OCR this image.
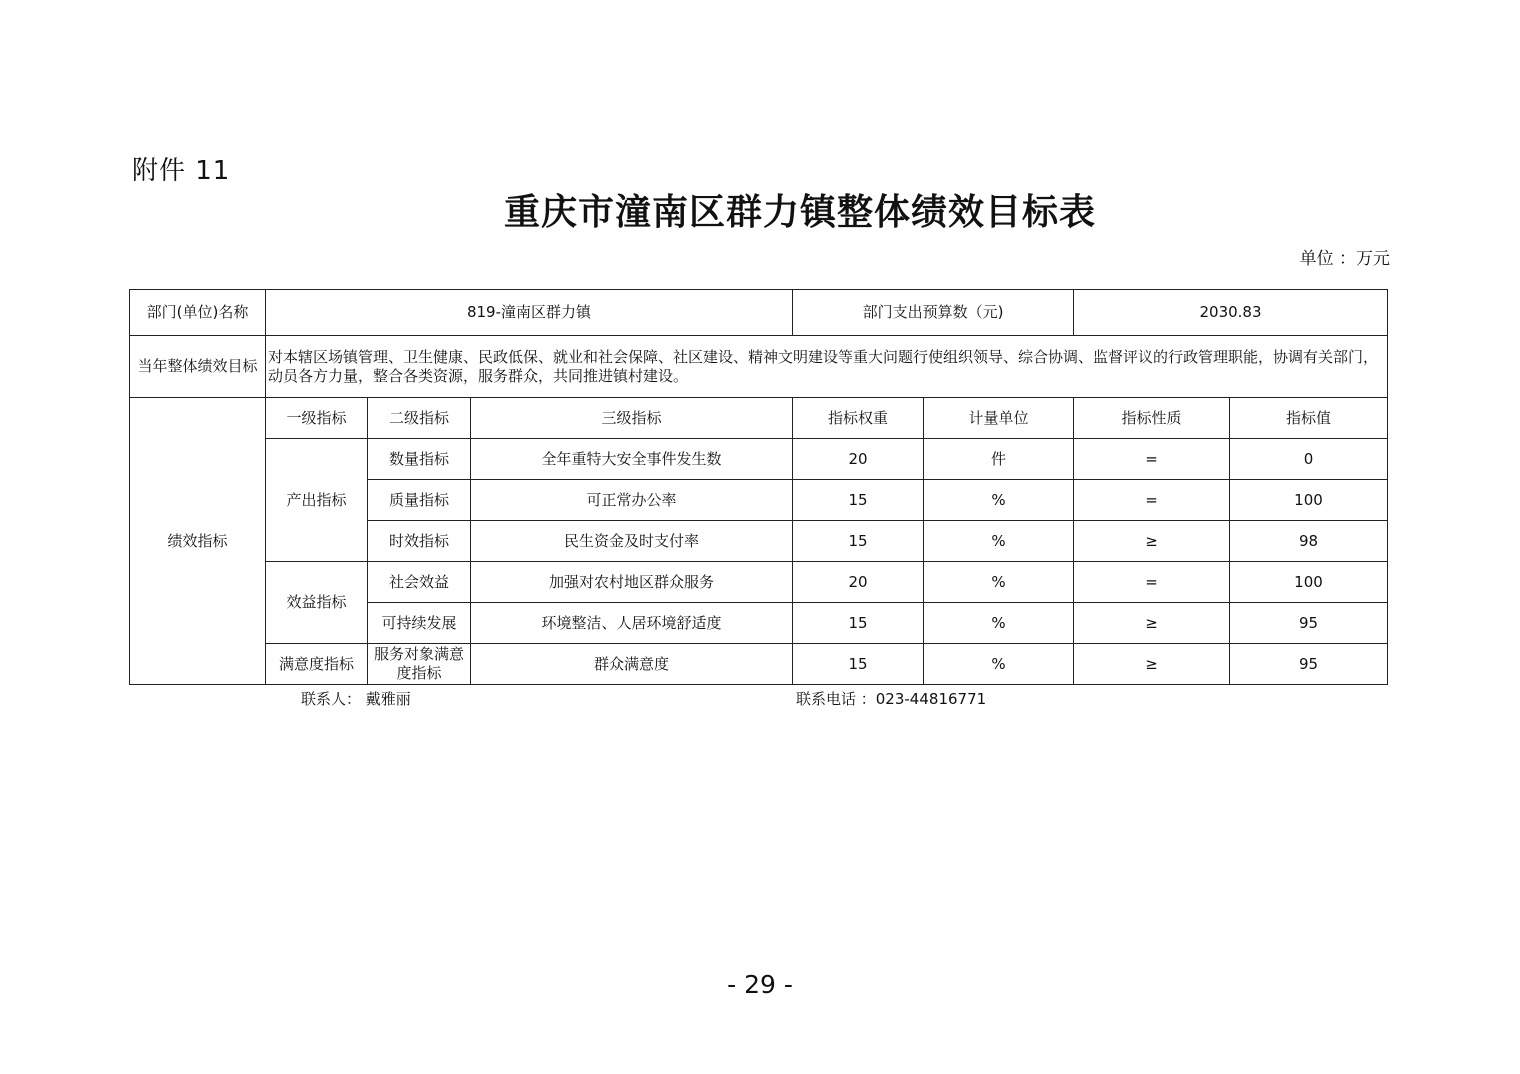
附件 11
重庆市潼南区群力镇整体绩效目标表
单位 ：万元
部门(单位)名称	819-潼南区群力镇			部门支出预算数（元)		2030.83	
当年整体绩效目标	对本辖区场镇管理、卫生健康、民政低保、就业和社会保障、社区建设、精神文明建设等重大问题行使组织领导、综合协调、监督评议的行政管理职能，协调有关部门，动员各方力量，整合各类资源，服务群众，共同推进镇村建设。						
绩效指标	一级指标	二级指标	三级指标	指标权重	计量单位	指标性质	指标值
	产出指标	数量指标	全年重特大安全事件发生数	20	件	=	0
		质量指标	可正常办公率	15	%	=	100
		时效指标	民生资金及时支付率	15	%	≥	98
	效益指标	社会效益	加强对农村地区群众服务	20	%	=	100
		可持续发展	环境整洁、人居环境舒适度	15	%	≥	95
	满意度指标	服务对象满意度指标	群众满意度	15	%	≥	95
联系人： 戴雅丽	联系电话 ：023-44816771
- 29 -
